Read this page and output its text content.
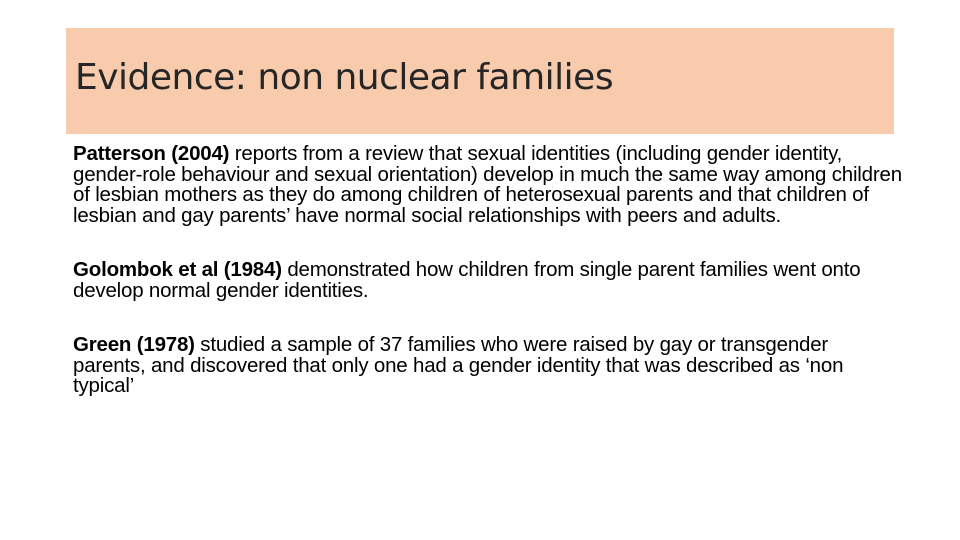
Evidence: non nuclear families

Patterson (2004) reports from a review that sexual identities (including gender identity, gender-role behaviour and sexual orientation) develop in much the same way among children of lesbian mothers as they do among children of heterosexual parents and that children of lesbian and gay parents’ have normal social relationships with peers and adults.

Golombok et al (1984) demonstrated how children from single parent families went onto develop normal gender identities.

Green (1978) studied a sample of 37 families who were raised by gay or transgender parents, and discovered that only one had a gender identity that was described as ‘non typical’
